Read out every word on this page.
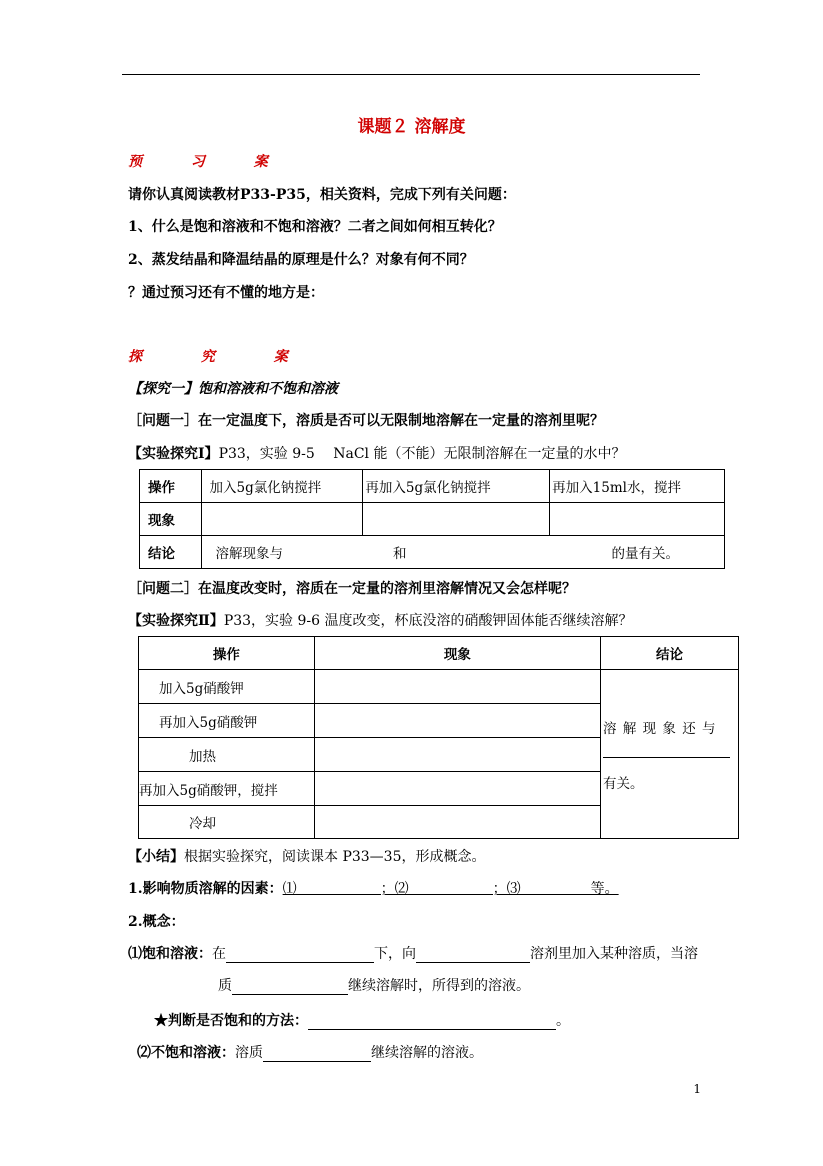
课题２ 溶解度
预	习	案
请你认真阅读教材P33-P35，相关资料，完成下列有关问题：
1、什么是饱和溶液和不饱和溶液？二者之间如何相互转化？
2、蒸发结晶和降温结晶的原理是什么？对象有何不同？
？通过预习还有不懂的地方是：
探	究	案
【探究一】饱和溶液和不饱和溶液
［问题一］在一定温度下，溶质是否可以无限制地溶解在一定量的溶剂里呢？
【实验探究Ⅰ】P33，实验 9-5　 NaCl 能（不能）无限制溶解在一定量的水中？
操作	加入5g氯化钠搅拌	再加入5g氯化钠搅拌	再加入15ml水，搅拌
现象			
结论	溶解现象与 和 的量有关。		
［问题二］在温度改变时，溶质在一定量的溶剂里溶解情况又会怎样呢？
【实验探究Ⅱ】P33，实验 9-6 温度改变，杯底没溶的硝酸钾固体能否继续溶解？
操作	现象	结论
加入5g硝酸钾		溶 解 现 象 还 与
有关。

再加入5g硝酸钾		
加热		
再加入5g硝酸钾，搅拌		
冷却		
【小结】根据实验探究，阅读课本 P33—35，形成概念。
1.影响物质溶解的因素：⑴　　　　　　；⑵　　　　　　；⑶　　　　　等。
2.概念：
⑴饱和溶液：在	下，向	溶剂里加入某种溶质，当溶
质	继续溶解时，所得到的溶液。
★判断是否饱和的方法：	。
⑵不饱和溶液：溶质	继续溶解的溶液。
1
